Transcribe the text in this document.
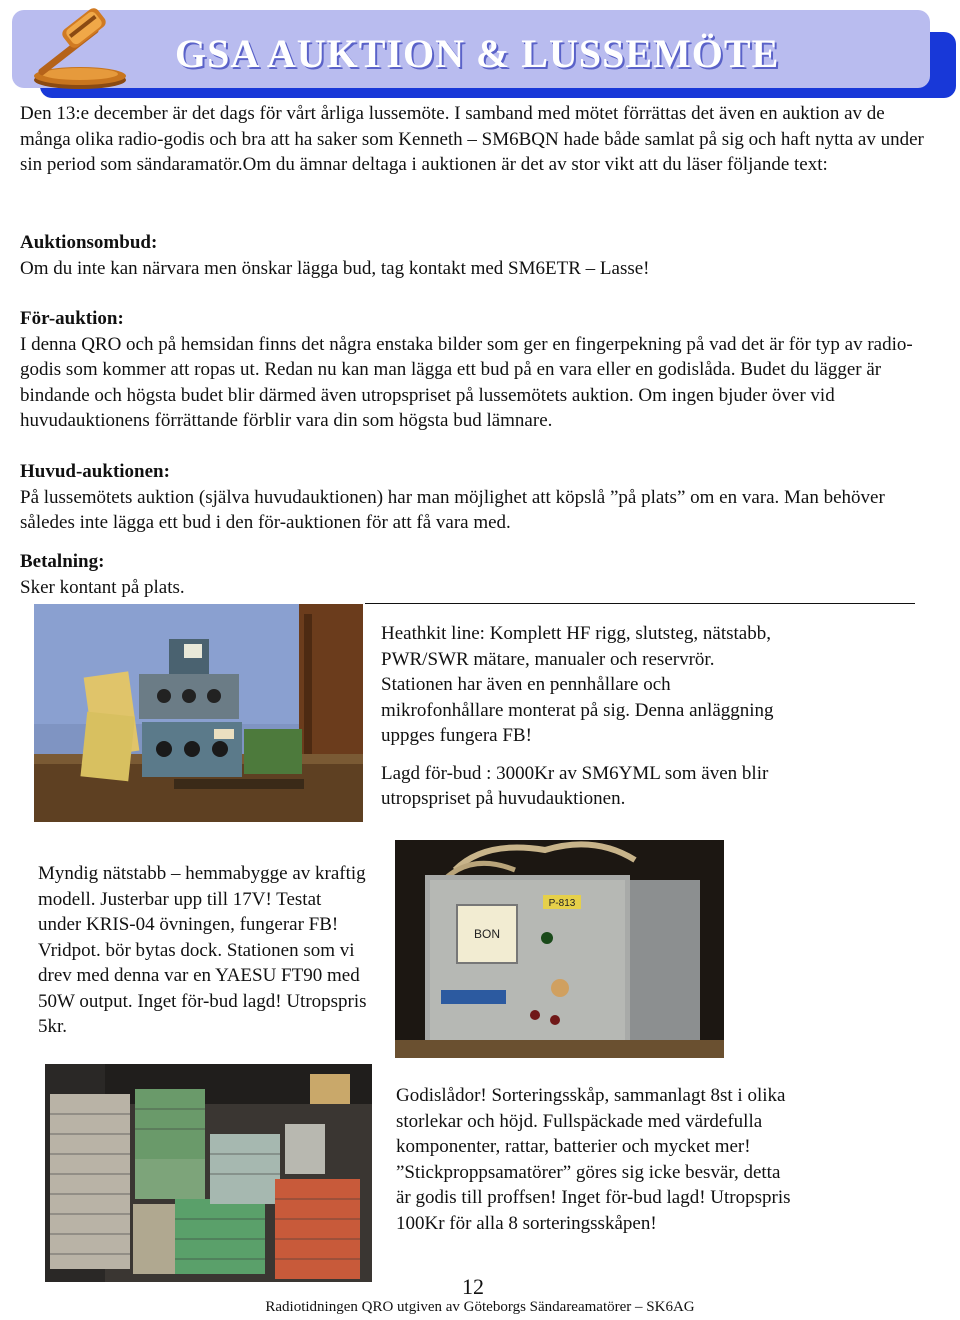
GSA AUKTION & LUSSEMÖTE
Den 13:e december är det dags för vårt årliga lussemöte. I samband med mötet förrättas det även en auktion av de många olika radio-godis och bra att ha saker som Kenneth – SM6BQN hade både samlat på sig och haft nytta av under sin period som sändaramatör.Om du ämnar deltaga i auktionen är det av stor vikt att du läser följande text:
Auktionsombud:
Om du inte kan närvara men önskar lägga bud, tag kontakt med SM6ETR – Lasse!
För-auktion:
I denna QRO och på hemsidan finns det några enstaka bilder som ger en fingerpekning på vad det är för typ av radio-godis som kommer att ropas ut. Redan nu kan man lägga ett bud på en vara eller en godislåda. Budet du lägger är bindande och högsta budet blir därmed även utropspriset på lussemötets auktion. Om ingen bjuder över vid huvudauktionens förrättande förblir vara din som högsta bud lämnare.
Huvud-auktionen:
På lussemötets auktion (själva huvudauktionen) har man möjlighet att köpslå ”på plats” om en vara. Man behöver således inte lägga ett bud i den för-auktionen för att få vara med.
Betalning:
Sker kontant på plats.
Heathkit line: Komplett HF rigg, slutsteg, nätstabb, PWR/SWR mätare, manualer och reservrör. Stationen har även en pennhållare och mikrofonhållare monterat på sig. Denna anläggning uppges fungera FB!
Lagd för-bud : 3000Kr av SM6YML som även blir utropspriset på huvudauktionen.
Myndig nätstabb – hemmabygge av kraftig modell. Justerbar upp till 17V! Testat under KRIS-04 övningen, fungerar FB! Vridpot. bör bytas dock. Stationen som vi drev med denna var en YAESU FT90 med 50W output. Inget för-bud lagd! Utropspris 5kr.
BON
P-813
Godislådor! Sorteringsskåp, sammanlagt 8st i olika storlekar och höjd. Fullspäckade med värdefulla komponenter, rattar, batterier och mycket mer! ”Stickproppsamatörer” göres sig icke besvär, detta är godis till proffsen! Inget för-bud lagd! Utropspris 100Kr för alla 8 sorteringsskåpen!
12
Radiotidningen QRO utgiven av Göteborgs Sändareamatörer – SK6AG
